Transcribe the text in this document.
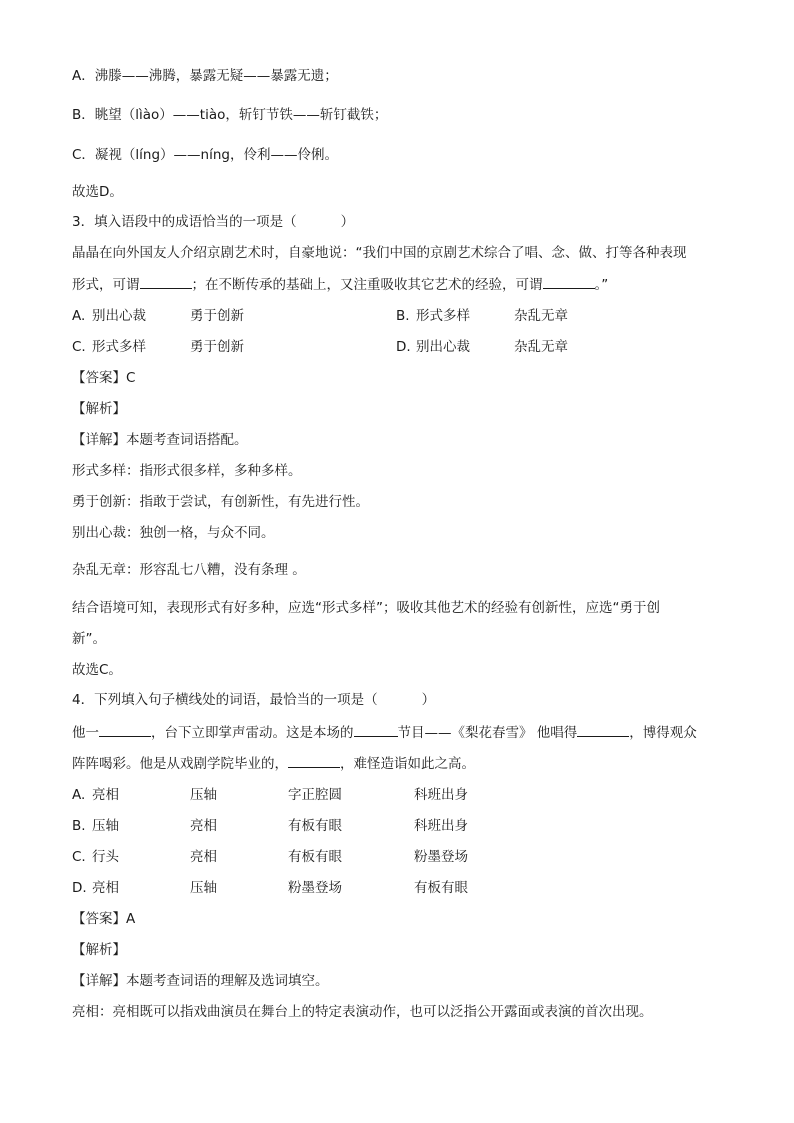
A．沸滕——沸腾，暴露无疑——暴露无遗；
B．眺望（lìào）——tiào，斩钉节铁——斩钉截铁；
C．凝视（líng）——níng，伶利——伶俐。
故选D。
3．填入语段中的成语恰当的一项是（	）
晶晶在向外国友人介绍京剧艺术时，自豪地说：“我们中国的京剧艺术综合了唱、念、做、打等各种表现
形式，可谓	；在不断传承的基础上，又注重吸收其它艺术的经验，可谓	。”
A. 别出心裁	勇于创新	B. 形式多样	杂乱无章
C. 形式多样	勇于创新	D. 别出心裁	杂乱无章
【答案】C
【解析】
【详解】本题考查词语搭配。
形式多样：指形式很多样，多种多样。
勇于创新：指敢于尝试，有创新性，有先进行性。
别出心裁：独创一格，与众不同。
杂乱无章：形容乱七八糟，没有条理 。
结合语境可知，表现形式有好多种，应选“形式多样”；吸收其他艺术的经验有创新性，应选“勇于创
新”。
故选C。
4．下列填入句子横线处的词语，最恰当的一项是（	）
他一	，台下立即掌声雷动。这是本场的	节目——《梨花春雪》 他唱得	，博得观众
阵阵喝彩。他是从戏剧学院毕业的，	，难怪造诣如此之高。
A. 亮相	压轴	字正腔圆	科班出身
B. 压轴	亮相	有板有眼	科班出身
C. 行头	亮相	有板有眼	粉墨登场
D. 亮相	压轴	粉墨登场	有板有眼
【答案】A
【解析】
【详解】本题考查词语的理解及选词填空。
亮相：亮相既可以指戏曲演员在舞台上的特定表演动作，也可以泛指公开露面或表演的首次出现。
